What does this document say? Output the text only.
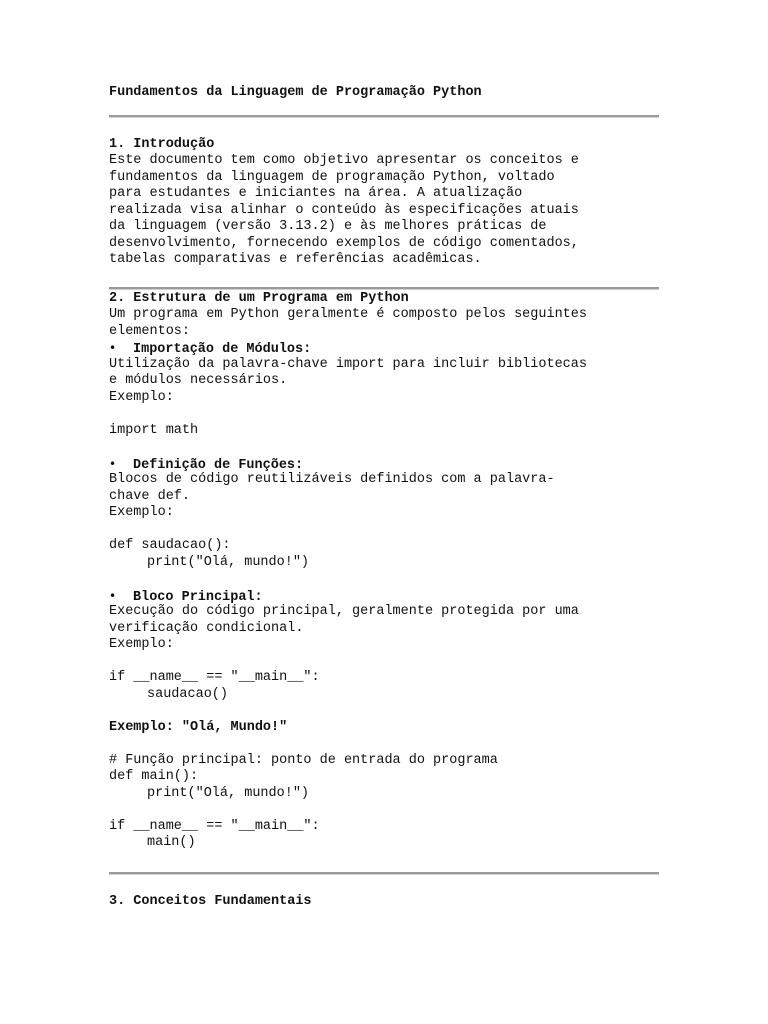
Fundamentos da Linguagem de Programação Python
1. Introdução
Este documento tem como objetivo apresentar os conceitos e
fundamentos da linguagem de programação Python, voltado
para estudantes e iniciantes na área. A atualização
realizada visa alinhar o conteúdo às especificações atuais
da linguagem (versão 3.13.2) e às melhores práticas de
desenvolvimento, fornecendo exemplos de código comentados,
tabelas comparativas e referências acadêmicas.
2. Estrutura de um Programa em Python
Um programa em Python geralmente é composto pelos seguintes
elementos:
• Importação de Módulos:
Utilização da palavra-chave import para incluir bibliotecas
e módulos necessários.
Exemplo:
import math
• Definição de Funções:
Blocos de código reutilizáveis definidos com a palavra-
chave def.
Exemplo:
def saudacao():
print("Olá, mundo!")
• Bloco Principal:
Execução do código principal, geralmente protegida por uma
verificação condicional.
Exemplo:
if __name__ == "__main__":
saudacao()
Exemplo: "Olá, Mundo!"
# Função principal: ponto de entrada do programa
def main():
print("Olá, mundo!")
if __name__ == "__main__":
main()
3. Conceitos Fundamentais
